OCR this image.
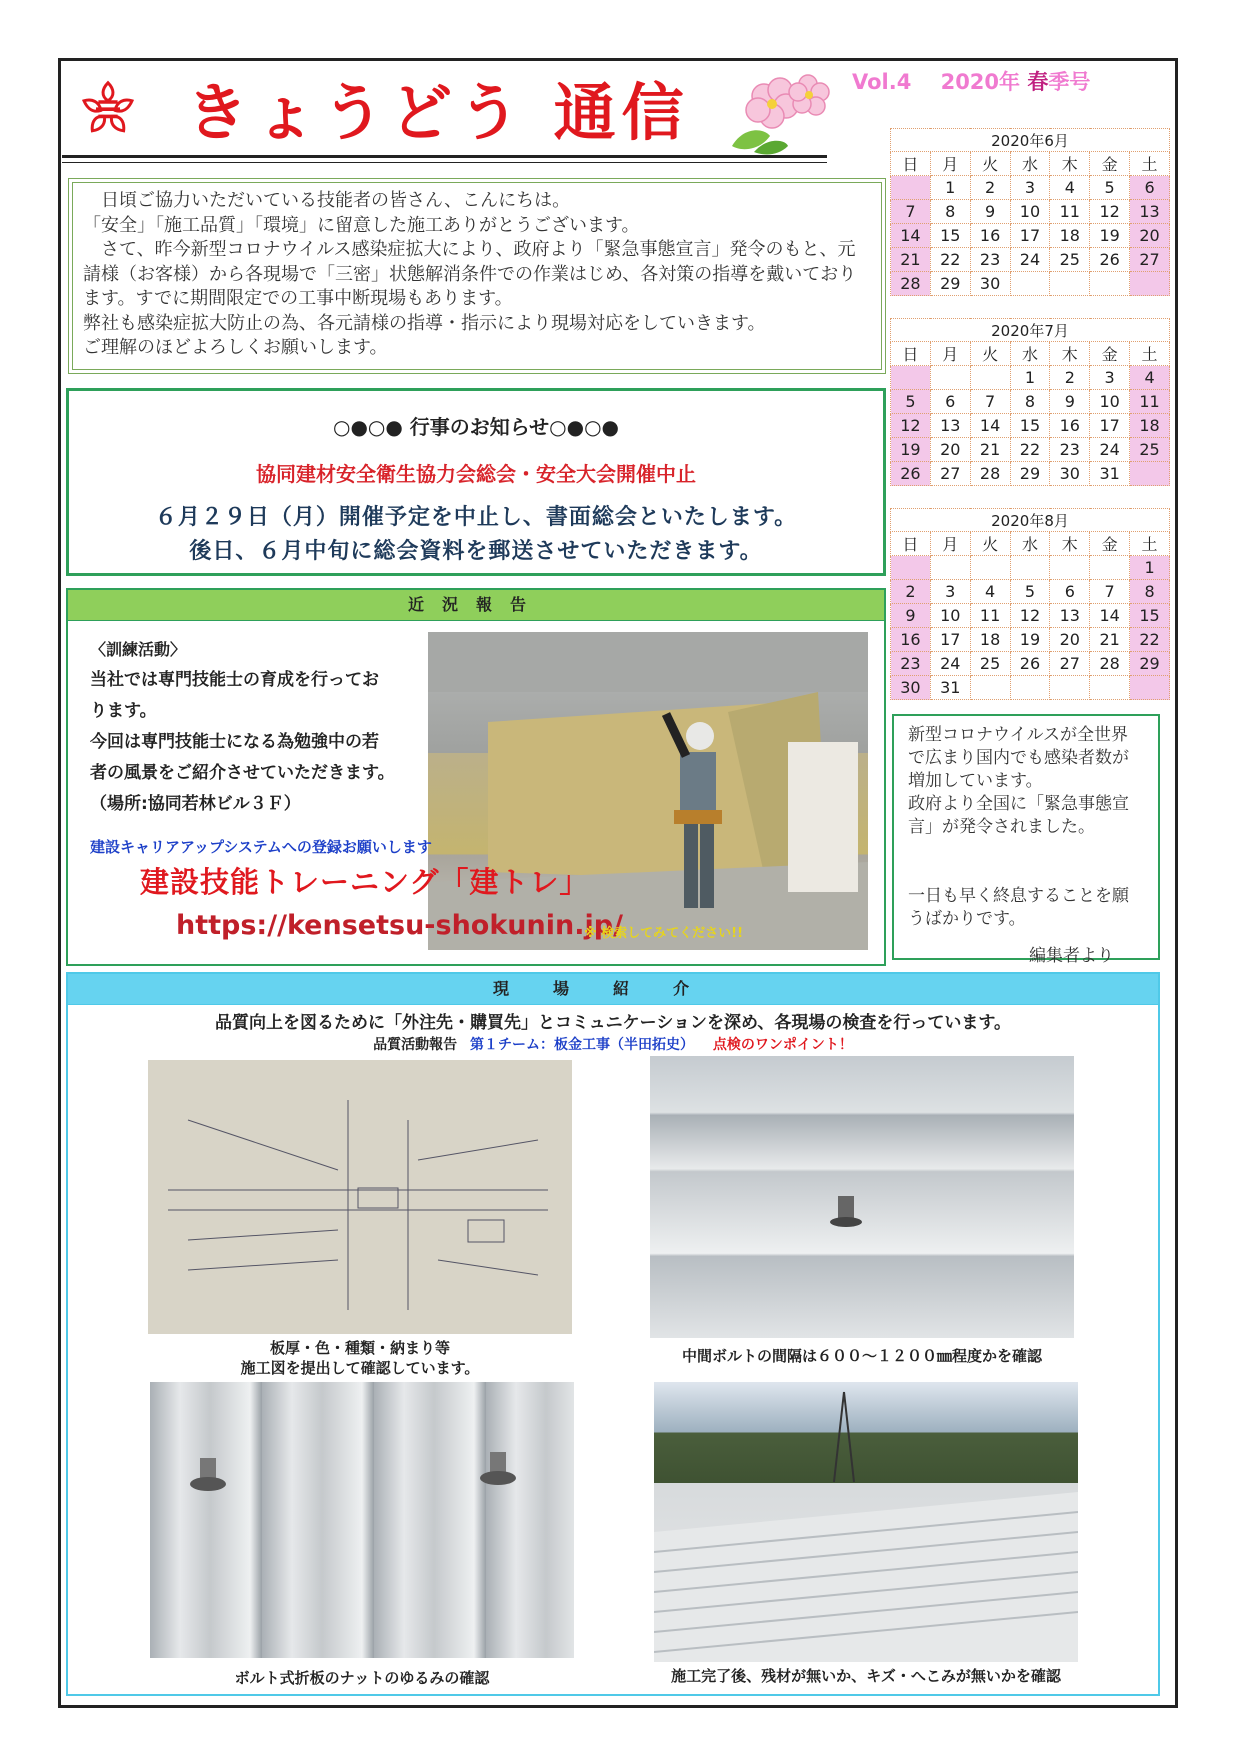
きょうどう 通信	Vol.4 2020年 春季号

日頃ご協力いただいている技能者の皆さん、こんにちは。

「安全」「施工品質」「環境」に留意した施工ありがとうございます。

さて、昨今新型コロナウイルス感染症拡大により、政府より「緊急事態宣言」発令のもと、元請様（お客様）から各現場で「三密」状態解消条件での作業はじめ、各対策の指導を戴いております。すでに期間限定での工事中断現場もあります。

弊社も感染症拡大防止の為、各元請様の指導・指示により現場対応をしていきます。

ご理解のほどよろしくお願いします。

○●○● 行事のお知らせ○●○●
協同建材安全衛生協力会総会・安全大会開催中止
６月２９日（月）開催予定を中止し、書面総会といたします。
後日、６月中旬に総会資料を郵送させていただきます。
2020年6月						
日	月	火	水	木	金	土
	1	2	3	4	5	6
7	8	9	10	11	12	13
14	15	16	17	18	19	20
21	22	23	24	25	26	27
28	29	30				
2020年7月						
日	月	火	水	木	金	土
			1	2	3	4
5	6	7	8	9	10	11
12	13	14	15	16	17	18
19	20	21	22	23	24	25
26	27	28	29	30	31	
2020年8月						
日	月	火	水	木	金	土
						1
2	3	4	5	6	7	8
9	10	11	12	13	14	15
16	17	18	19	20	21	22
23	24	25	26	27	28	29
30	31					
近況報告

〈訓練活動〉

当社では専門技能士の育成を行ってお

ります。

今回は専門技能士になる為勉強中の若

者の風景をご紹介させていただきます。

（場所:協同若林ビル３Ｆ）

建設キャリアアップシステムへの登録お願いします
建設技能トレーニング「建トレ」
https://kensetsu-shokunin.jp/
※ 検索してみてください!!

新型コロナウイルスが全世界で広まり国内でも感染者数が増加しています。

政府より全国に「緊急事態宣言」が発令されました。

一日も早く終息することを願うばかりです。

編集者より

現場紹介
品質向上を図るために「外注先・購買先」とコミュニケーションを深め、各現場の検査を行っています。
品質活動報告 第１チーム：板金工事（半田拓史） 点検のワンポイント！
板厚・色・種類・納まり等
施工図を提出して確認しています。
中間ボルトの間隔は６００～１２００㎜程度かを確認
ボルト式折板のナットのゆるみの確認	施工完了後、残材が無いか、キズ・へこみが無いかを確認
